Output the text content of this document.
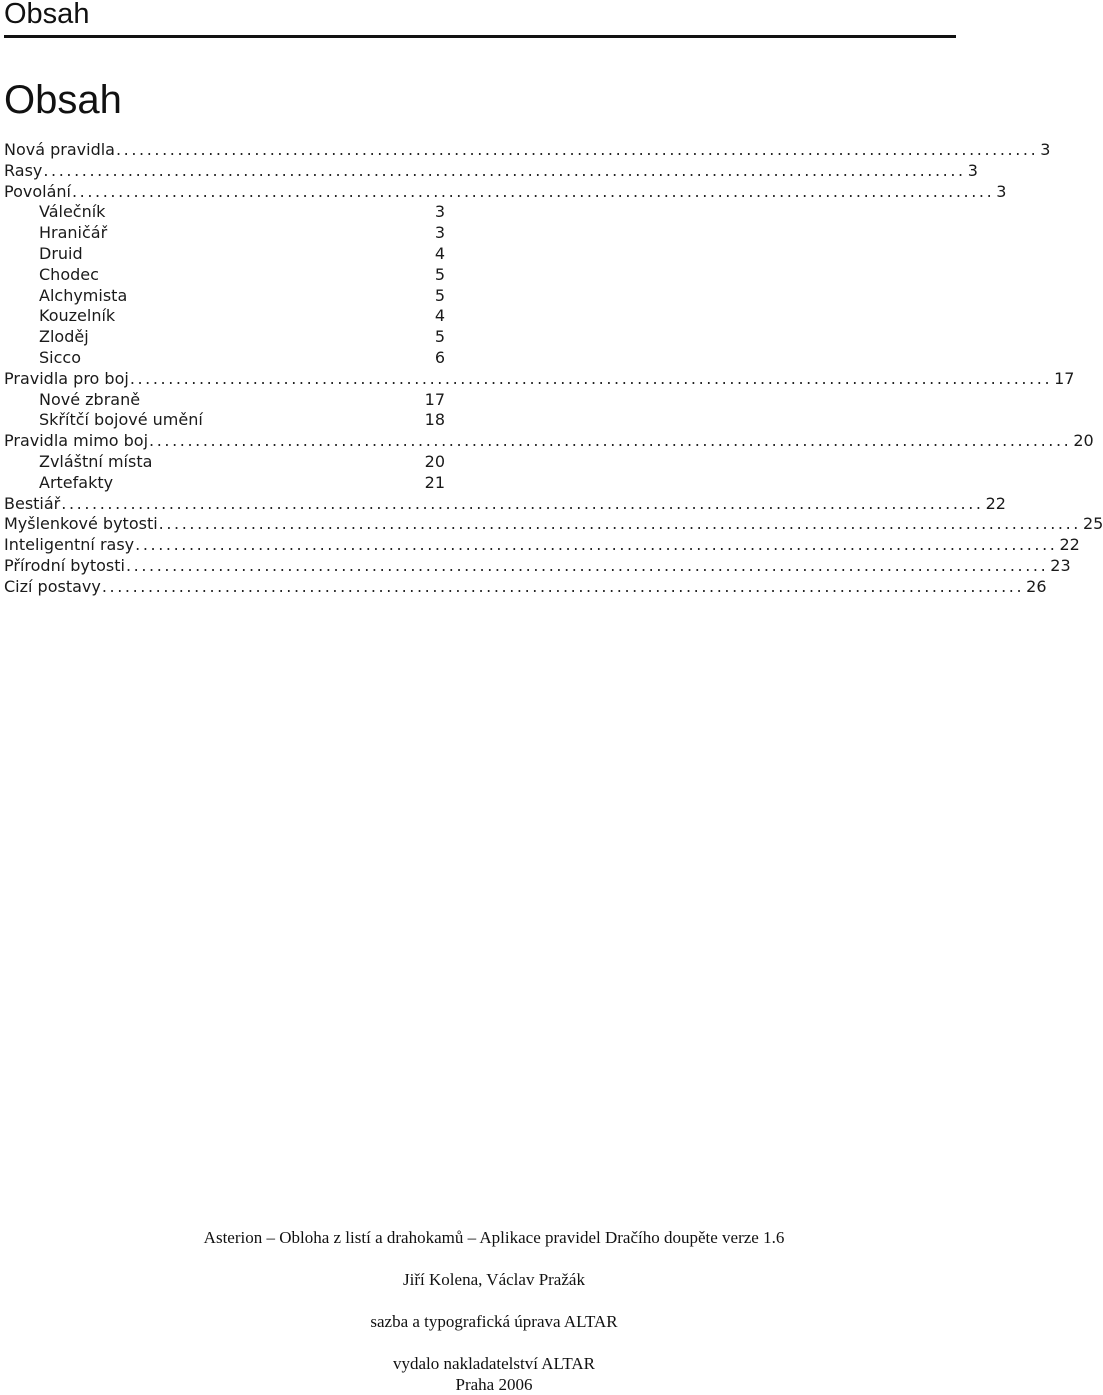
Obsah
Obsah
Nová pravidla ........................................................................................................................ 3
Rasy ........................................................................................................................ 3
Povolání ........................................................................................................................ 3
Válečník	3
Hraničář	3
Druid	4
Chodec	5
Alchymista	5
Kouzelník	4
Zloděj	5
Sicco	6
Pravidla pro boj ........................................................................................................................ 17
Nové zbraně	17
Skřítčí bojové umění	18
Pravidla mimo boj ........................................................................................................................ 20
Zvláštní místa	20
Artefakty	21
Bestiář ........................................................................................................................ 22
Myšlenkové bytosti ........................................................................................................................ 25
Inteligentní rasy ........................................................................................................................ 22
Přírodní bytosti ........................................................................................................................ 23
Cizí postavy ........................................................................................................................ 26
Asterion – Obloha z listí a drahokamů – Aplikace pravidel Dračího doupěte verze 1.6
Jiří Kolena, Václav Pražák
sazba a typografická úprava ALTAR
vydalo nakladatelství ALTAR
Praha 2006
